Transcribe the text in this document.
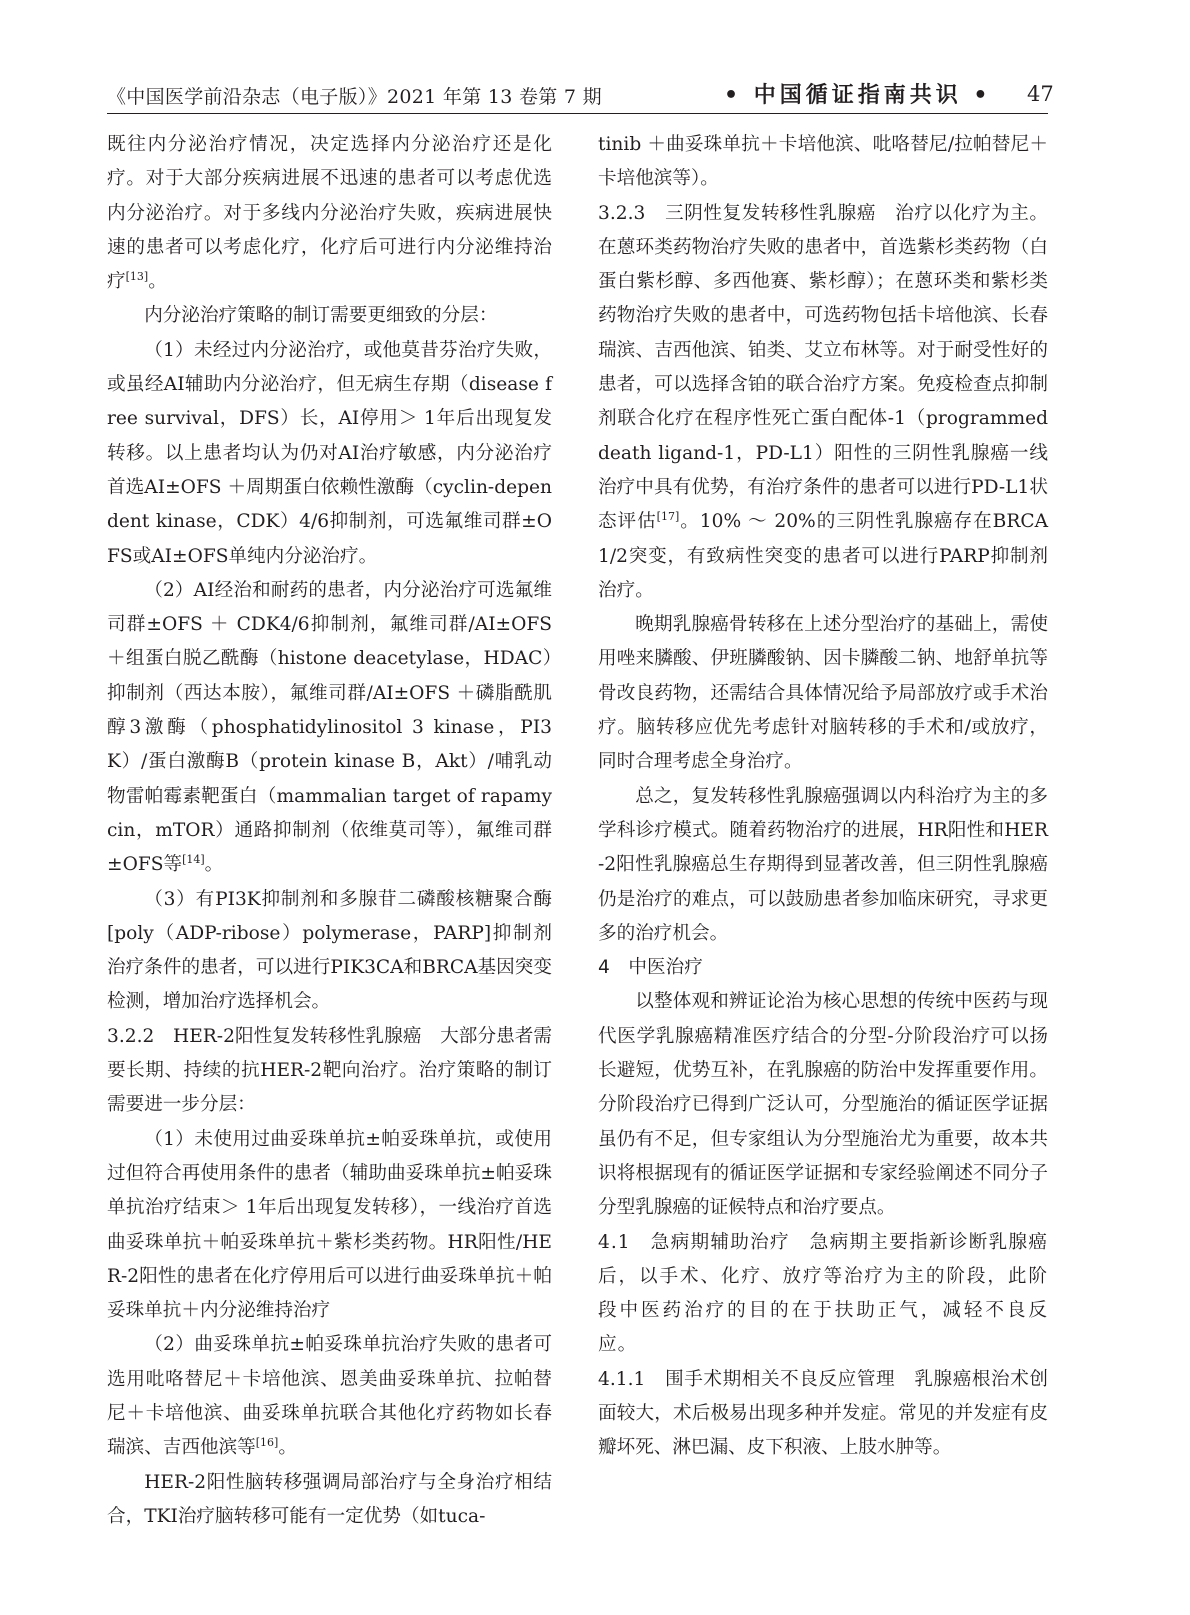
《中国医学前沿杂志（电子版）》2021 年第 13 卷第 7 期	• 中国循证指南共识 • 47

既往内分泌治疗情况，决定选择内分泌治疗还是化疗。对于大部分疾病进展不迅速的患者可以考虑优选内分泌治疗。对于多线内分泌治疗失败，疾病进展快速的患者可以考虑化疗，化疗后可进行内分泌维持治疗[13]。

内分泌治疗策略的制订需要更细致的分层：

（1）未经过内分泌治疗，或他莫昔芬治疗失败，或虽经AI辅助内分泌治疗，但无病生存期（disease free survival，DFS）长，AI停用＞ 1年后出现复发转移。以上患者均认为仍对AI治疗敏感，内分泌治疗首选AI±OFS ＋周期蛋白依赖性激酶（cyclin-dependent kinase，CDK）4/6抑制剂，可选氟维司群±OFS或AI±OFS单纯内分泌治疗。

（2）AI经治和耐药的患者，内分泌治疗可选氟维司群±OFS ＋ CDK4/6抑制剂，氟维司群/AI±OFS ＋组蛋白脱乙酰酶（histone deacetylase，HDAC）抑制剂（西达本胺），氟维司群/AI±OFS ＋磷脂酰肌醇3激酶（phosphatidylinositol 3 kinase，PI3K）/蛋白激酶B（protein kinase B，Akt）/哺乳动物雷帕霉素靶蛋白（mammalian target of rapamycin，mTOR）通路抑制剂（依维莫司等），氟维司群±OFS等[14]。

（3）有PI3K抑制剂和多腺苷二磷酸核糖聚合酶[poly（ADP-ribose）polymerase，PARP]抑制剂治疗条件的患者，可以进行PIK3CA和BRCA基因突变检测，增加治疗选择机会。

3.2.2　HER-2阳性复发转移性乳腺癌　大部分患者需要长期、持续的抗HER-2靶向治疗。治疗策略的制订需要进一步分层：

（1）未使用过曲妥珠单抗±帕妥珠单抗，或使用过但符合再使用条件的患者（辅助曲妥珠单抗±帕妥珠单抗治疗结束＞ 1年后出现复发转移），一线治疗首选曲妥珠单抗＋帕妥珠单抗＋紫杉类药物。HR阳性/HER-2阳性的患者在化疗停用后可以进行曲妥珠单抗＋帕妥珠单抗＋内分泌维持治疗

（2）曲妥珠单抗±帕妥珠单抗治疗失败的患者可选用吡咯替尼＋卡培他滨、恩美曲妥珠单抗、拉帕替尼＋卡培他滨、曲妥珠单抗联合其他化疗药物如长春瑞滨、吉西他滨等[16]。

HER-2阳性脑转移强调局部治疗与全身治疗相结合，TKI治疗脑转移可能有一定优势（如tuca-

tinib ＋曲妥珠单抗＋卡培他滨、吡咯替尼/拉帕替尼＋卡培他滨等）。

3.2.3　三阴性复发转移性乳腺癌　治疗以化疗为主。在蒽环类药物治疗失败的患者中，首选紫杉类药物（白蛋白紫杉醇、多西他赛、紫杉醇）；在蒽环类和紫杉类药物治疗失败的患者中，可选药物包括卡培他滨、长春瑞滨、吉西他滨、铂类、艾立布林等。对于耐受性好的患者，可以选择含铂的联合治疗方案。免疫检查点抑制剂联合化疗在程序性死亡蛋白配体-1（programmed death ligand-1，PD-L1）阳性的三阴性乳腺癌一线治疗中具有优势，有治疗条件的患者可以进行PD-L1状态评估[17]。10% ～ 20%的三阴性乳腺癌存在BRCA1/2突变，有致病性突变的患者可以进行PARP抑制剂治疗。

晚期乳腺癌骨转移在上述分型治疗的基础上，需使用唑来膦酸、伊班膦酸钠、因卡膦酸二钠、地舒单抗等骨改良药物，还需结合具体情况给予局部放疗或手术治疗。脑转移应优先考虑针对脑转移的手术和/或放疗，同时合理考虑全身治疗。

总之，复发转移性乳腺癌强调以内科治疗为主的多学科诊疗模式。随着药物治疗的进展，HR阳性和HER-2阳性乳腺癌总生存期得到显著改善，但三阴性乳腺癌仍是治疗的难点，可以鼓励患者参加临床研究，寻求更多的治疗机会。

4　中医治疗

以整体观和辨证论治为核心思想的传统中医药与现代医学乳腺癌精准医疗结合的分型-分阶段治疗可以扬长避短，优势互补，在乳腺癌的防治中发挥重要作用。分阶段治疗已得到广泛认可，分型施治的循证医学证据虽仍有不足，但专家组认为分型施治尤为重要，故本共识将根据现有的循证医学证据和专家经验阐述不同分子分型乳腺癌的证候特点和治疗要点。

4.1　急病期辅助治疗　急病期主要指新诊断乳腺癌后，以手术、化疗、放疗等治疗为主的阶段，此阶段中医药治疗的目的在于扶助正气，减轻不良反应。

4.1.1　围手术期相关不良反应管理　乳腺癌根治术创面较大，术后极易出现多种并发症。常见的并发症有皮瓣坏死、淋巴漏、皮下积液、上肢水肿等。
